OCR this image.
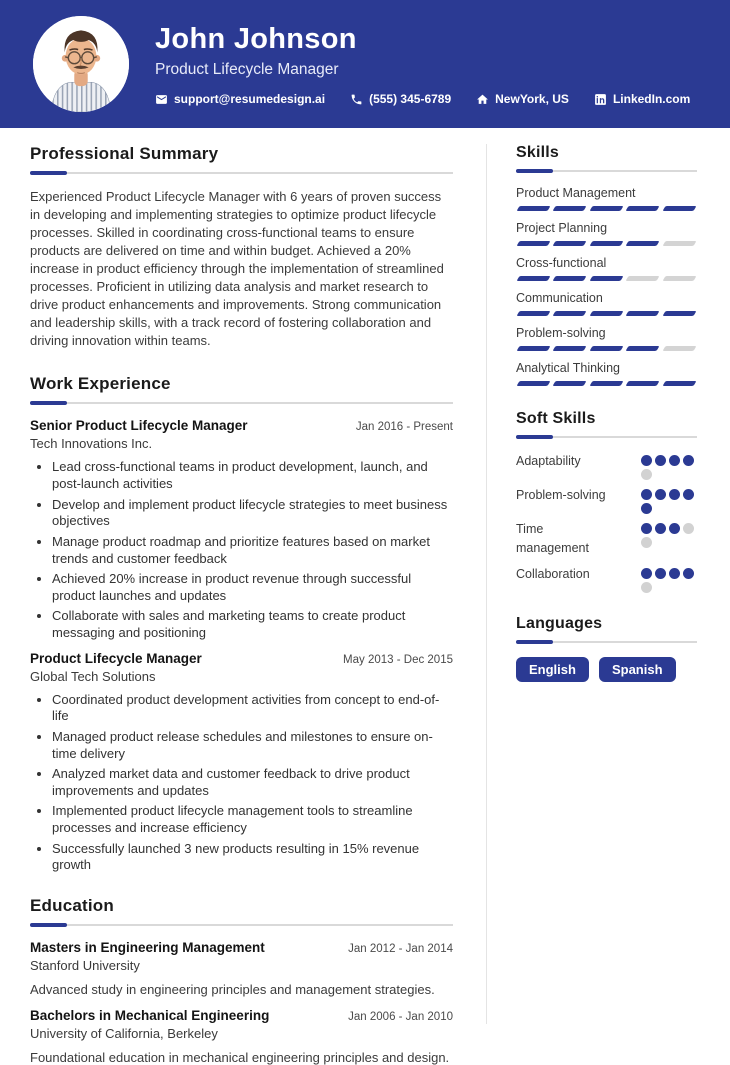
John Johnson
Product Lifecycle Manager
support@resumedesign.ai	(555) 345-6789	NewYork, US	LinkedIn.com
Professional Summary

Experienced Product Lifecycle Manager with 6 years of proven success in developing and implementing strategies to optimize product lifecycle processes. Skilled in coordinating cross-functional teams to ensure products are delivered on time and within budget. Achieved a 20% increase in product efficiency through the implementation of streamlined processes. Proficient in utilizing data analysis and market research to drive product enhancements and improvements. Strong communication and leadership skills, with a track record of fostering collaboration and driving innovation within teams.

Work Experience
Senior Product Lifecycle Manager	Jan 2016 - Present
Tech Innovations Inc.
• Lead cross-functional teams in product development, launch, and post-launch activities
• Develop and implement product lifecycle strategies to meet business objectives
• Manage product roadmap and prioritize features based on market trends and customer feedback
• Achieved 20% increase in product revenue through successful product launches and updates
• Collaborate with sales and marketing teams to create product messaging and positioning
Product Lifecycle Manager	May 2013 - Dec 2015
Global Tech Solutions
• Coordinated product development activities from concept to end-of-life
• Managed product release schedules and milestones to ensure on-time delivery
• Analyzed market data and customer feedback to drive product improvements and updates
• Implemented product lifecycle management tools to streamline processes and increase efficiency
• Successfully launched 3 new products resulting in 15% revenue growth
Education
Masters in Engineering Management	Jan 2012 - Jan 2014
Stanford University

Advanced study in engineering principles and management strategies.

Bachelors in Mechanical Engineering	Jan 2006 - Jan 2010
University of California, Berkeley

Foundational education in mechanical engineering principles and design.

Skills
Product Management
Project Planning
Cross-functional
Communication
Problem-solving
Analytical Thinking
Soft Skills
Adaptability
Problem-solving
Time management
Collaboration
Languages
English	Spanish
